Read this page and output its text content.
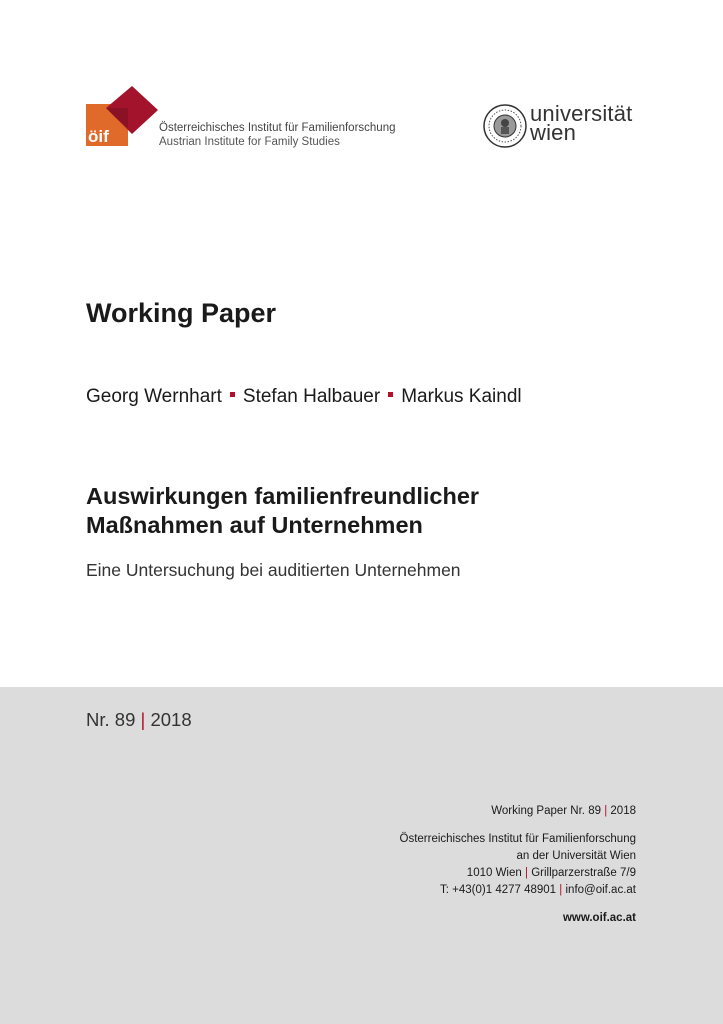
öif	Österreichisches Institut für Familienforschung
Austrian Institute for Family Studies
universität
wien
Working Paper
Georg Wernhart Stefan Halbauer Markus Kaindl
Auswirkungen familienfreundlicher
Maßnahmen auf Unternehmen
Eine Untersuchung bei auditierten Unternehmen
Nr. 89 | 2018
Working Paper Nr. 89 | 2018
Österreichisches Institut für Familienforschung
an der Universität Wien
1010 Wien | Grillparzerstraße 7/9
T: +43(0)1 4277 48901 | info@oif.ac.at
www.oif.ac.at
